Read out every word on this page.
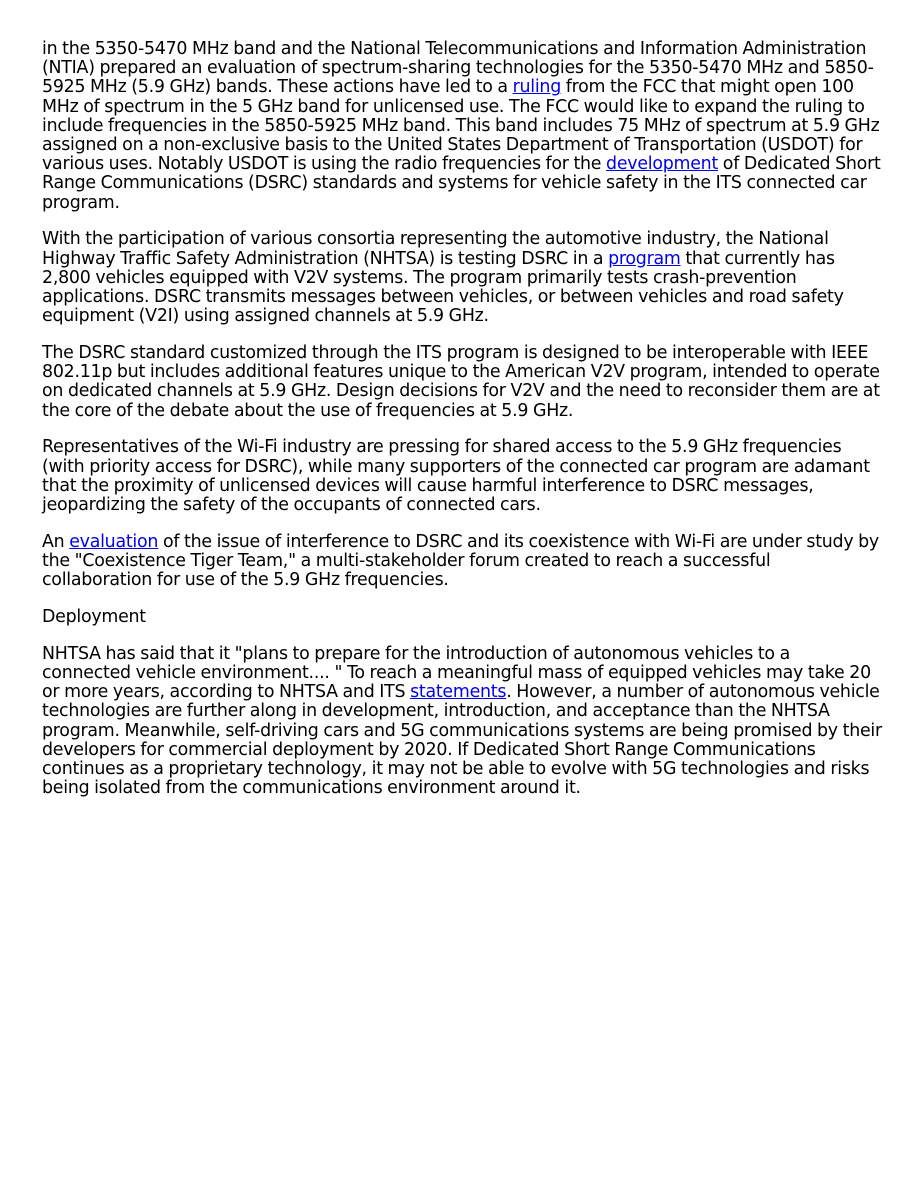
in the 5350-5470 MHz band and the National Telecommunications and Information Administration (NTIA) prepared an evaluation of spectrum-sharing technologies for the 5350-5470 MHz and 5850-5925 MHz (5.9 GHz) bands. These actions have led to a ruling from the FCC that might open 100 MHz of spectrum in the 5 GHz band for unlicensed use. The FCC would like to expand the ruling to include frequencies in the 5850-5925 MHz band. This band includes 75 MHz of spectrum at 5.9 GHz assigned on a non-exclusive basis to the United States Department of Transportation (USDOT) for various uses. Notably USDOT is using the radio frequencies for the development of Dedicated Short Range Communications (DSRC) standards and systems for vehicle safety in the ITS connected car program.

With the participation of various consortia representing the automotive industry, the National Highway Traffic Safety Administration (NHTSA) is testing DSRC in a program that currently has 2,800 vehicles equipped with V2V systems. The program primarily tests crash-prevention applications. DSRC transmits messages between vehicles, or between vehicles and road safety equipment (V2I) using assigned channels at 5.9 GHz.

The DSRC standard customized through the ITS program is designed to be interoperable with IEEE 802.11p but includes additional features unique to the American V2V program, intended to operate on dedicated channels at 5.9 GHz. Design decisions for V2V and the need to reconsider them are at the core of the debate about the use of frequencies at 5.9 GHz.

Representatives of the Wi-Fi industry are pressing for shared access to the 5.9 GHz frequencies (with priority access for DSRC), while many supporters of the connected car program are adamant that the proximity of unlicensed devices will cause harmful interference to DSRC messages, jeopardizing the safety of the occupants of connected cars.

An evaluation of the issue of interference to DSRC and its coexistence with Wi-Fi are under study by the "Coexistence Tiger Team," a multi-stakeholder forum created to reach a successful collaboration for use of the 5.9 GHz frequencies.

Deployment

NHTSA has said that it "plans to prepare for the introduction of autonomous vehicles to a connected vehicle environment.... " To reach a meaningful mass of equipped vehicles may take 20 or more years, according to NHTSA and ITS statements. However, a number of autonomous vehicle technologies are further along in development, introduction, and acceptance than the NHTSA program. Meanwhile, self-driving cars and 5G communications systems are being promised by their developers for commercial deployment by 2020. If Dedicated Short Range Communications continues as a proprietary technology, it may not be able to evolve with 5G technologies and risks being isolated from the communications environment around it.
